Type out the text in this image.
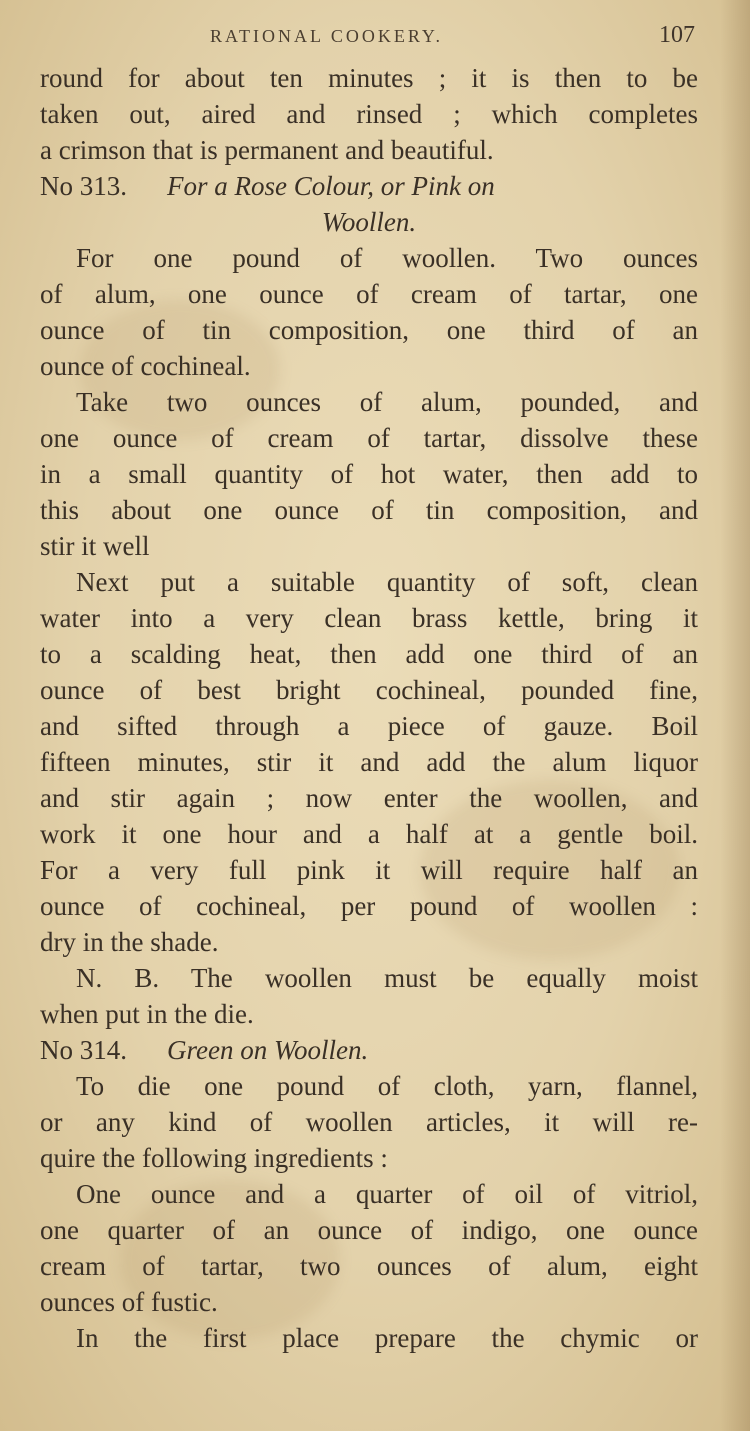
RATIONAL COOKERY.	107
round for about ten minutes ; it is then to be
taken out, aired and rinsed ; which completes
a crimson that is permanent and beautiful.
No 313. For a Rose Colour, or Pink on
Woollen.
For one pound of woollen. Two ounces
of alum, one ounce of cream of tartar, one
ounce of tin composition, one third of an
ounce of cochineal.
Take two ounces of alum, pounded, and
one ounce of cream of tartar, dissolve these
in a small quantity of hot water, then add to
this about one ounce of tin composition, and
stir it well
Next put a suitable quantity of soft, clean
water into a very clean brass kettle, bring it
to a scalding heat, then add one third of an
ounce of best bright cochineal, pounded fine,
and sifted through a piece of gauze. Boil
fifteen minutes, stir it and add the alum liquor
and stir again ; now enter the woollen, and
work it one hour and a half at a gentle boil.
For a very full pink it will require half an
ounce of cochineal, per pound of woollen :
dry in the shade.
N. B. The woollen must be equally moist
when put in the die.
No 314. Green on Woollen.
To die one pound of cloth, yarn, flannel,
or any kind of woollen articles, it will re-
quire the following ingredients :
One ounce and a quarter of oil of vitriol,
one quarter of an ounce of indigo, one ounce
cream of tartar, two ounces of alum, eight
ounces of fustic.
In the first place prepare the chymic or
